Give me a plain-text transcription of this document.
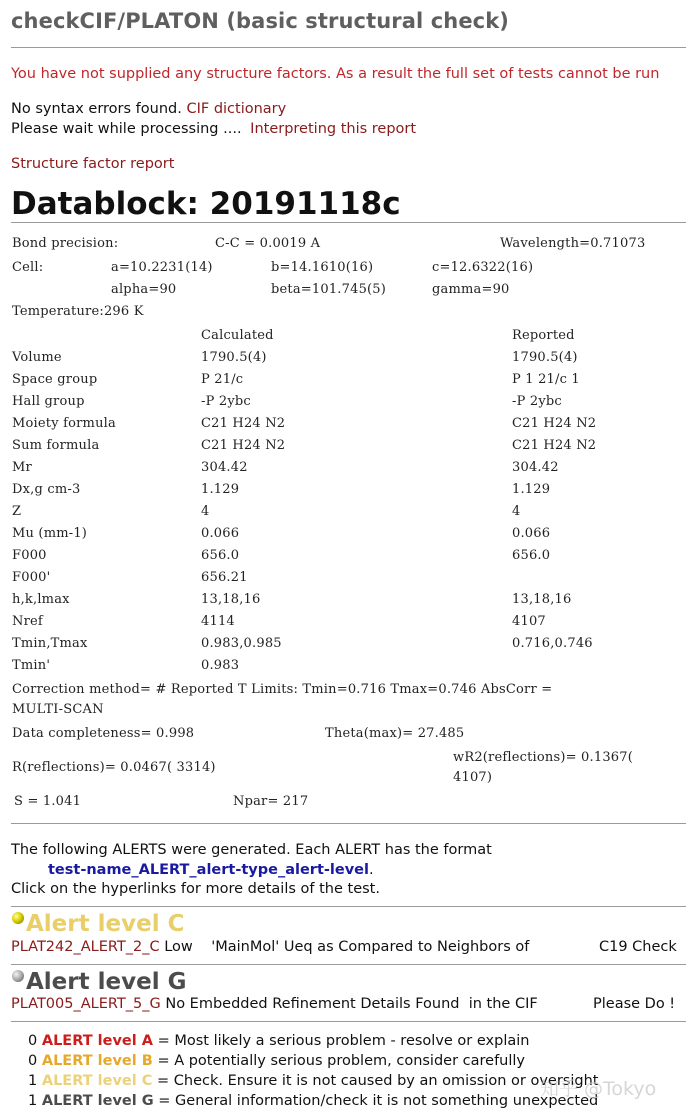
checkCIF/PLATON (basic structural check)
You have not supplied any structure factors. As a result the full set of tests cannot be run
No syntax errors found. CIF dictionary
Please wait while processing .... Interpreting this report
Structure factor report
Datablock: 20191118c
Bond precision:	C-C = 0.0019 A	Wavelength=0.71073
Cell:	a=10.2231(14)	b=14.1610(16)	c=12.6322(16)
alpha=90	beta=101.745(5)	gamma=90
Temperature:296 K
Calculated	Reported
Volume	1790.5(4)	1790.5(4)
Space group	P 21/c	P 1 21/c 1
Hall group	-P 2ybc	-P 2ybc
Moiety formula	C21 H24 N2	C21 H24 N2
Sum formula	C21 H24 N2	C21 H24 N2
Mr	304.42	304.42
Dx,g cm-3	1.129	1.129
Z	4	4
Mu (mm-1)	0.066	0.066
F000	656.0	656.0
F000'	656.21
h,k,lmax	13,18,16	13,18,16
Nref	4114	4107
Tmin,Tmax	0.983,0.985	0.716,0.746
Tmin'	0.983
Correction method= # Reported T Limits: Tmin=0.716 Tmax=0.746 AbsCorr =
MULTI-SCAN
Data completeness= 0.998	Theta(max)= 27.485
R(reflections)= 0.0467( 3314)
wR2(reflections)= 0.1367(
4107)
S = 1.041	Npar= 217
The following ALERTS were generated. Each ALERT has the format
test-name_ALERT_alert-type_alert-level.
Click on the hyperlinks for more details of the test.
Alert level C
PLAT242_ALERT_2_C Low    'MainMol' Ueq as Compared to Neighbors of	C19 Check
Alert level G
PLAT005_ALERT_5_G No Embedded Refinement Details Found  in the CIF	Please Do !
0 ALERT level A = Most likely a serious problem - resolve or explain
0 ALERT level B = A potentially serious problem, consider carefully
1 ALERT level C = Check. Ensure it is not caused by an omission or oversight
1 ALERT level G = General information/check it is not something unexpected
知乎 @Tokyo
